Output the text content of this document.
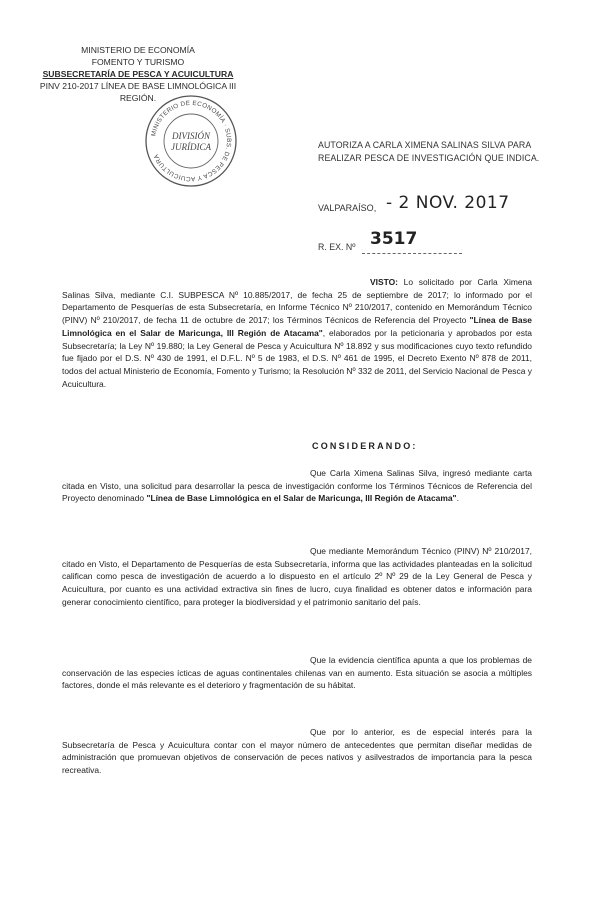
MINISTERIO DE ECONOMÍA
FOMENTO Y TURISMO
SUBSECRETARÍA DE PESCA Y ACUICULTURA
PINV 210-2017 LÍNEA DE BASE LIMNOLÓGICA III
REGIÓN.
MINISTERIO DE ECONOMÍA · SUBS. DE PESCA Y ACUICULTURA
DIVISIÓN
JURÍDICA	AUTORIZA A CARLA XIMENA SALINAS SILVA PARA
REALIZAR PESCA DE INVESTIGACIÓN QUE INDICA.
VALPARAÍSO, - 2 NOV. 2017
R. EX. Nº 3517

VISTO: Lo solicitado por Carla Ximena Salinas Silva, mediante C.I. SUBPESCA Nº 10.885/2017, de fecha 25 de septiembre de 2017; lo informado por el Departamento de Pesquerías de esta Subsecretaría, en Informe Técnico Nº 210/2017, contenido en Memorándum Técnico (PINV) Nº 210/2017, de fecha 11 de octubre de 2017; los Términos Técnicos de Referencia del Proyecto "Línea de Base Limnológica en el Salar de Maricunga, III Región de Atacama", elaborados por la peticionaria y aprobados por esta Subsecretaría; la Ley Nº 19.880; la Ley General de Pesca y Acuicultura Nº 18.892 y sus modificaciones cuyo texto refundido fue fijado por el D.S. Nº 430 de 1991, el D.F.L. Nº 5 de 1983, el D.S. Nº 461 de 1995, el Decreto Exento Nº 878 de 2011, todos del actual Ministerio de Economía, Fomento y Turismo; la Resolución Nº 332 de 2011, del Servicio Nacional de Pesca y Acuicultura.

CONSIDERANDO:

Que Carla Ximena Salinas Silva, ingresó mediante carta citada en Visto, una solicitud para desarrollar la pesca de investigación conforme los Términos Técnicos de Referencia del Proyecto denominado "Línea de Base Limnológica en el Salar de Maricunga, III Región de Atacama".

Que mediante Memorándum Técnico (PINV) Nº 210/2017, citado en Visto, el Departamento de Pesquerías de esta Subsecretaría, informa que las actividades planteadas en la solicitud califican como pesca de investigación de acuerdo a lo dispuesto en el artículo 2º Nº 29 de la Ley General de Pesca y Acuicultura, por cuanto es una actividad extractiva sin fines de lucro, cuya finalidad es obtener datos e información para generar conocimiento científico, para proteger la biodiversidad y el patrimonio sanitario del país.

Que la evidencia científica apunta a que los problemas de conservación de las especies ícticas de aguas continentales chilenas van en aumento. Esta situación se asocia a múltiples factores, donde el más relevante es el deterioro y fragmentación de su hábitat.

Que por lo anterior, es de especial interés para la Subsecretaría de Pesca y Acuicultura contar con el mayor número de antecedentes que permitan diseñar medidas de administración que promuevan objetivos de conservación de peces nativos y asilvestrados de importancia para la pesca recreativa.
